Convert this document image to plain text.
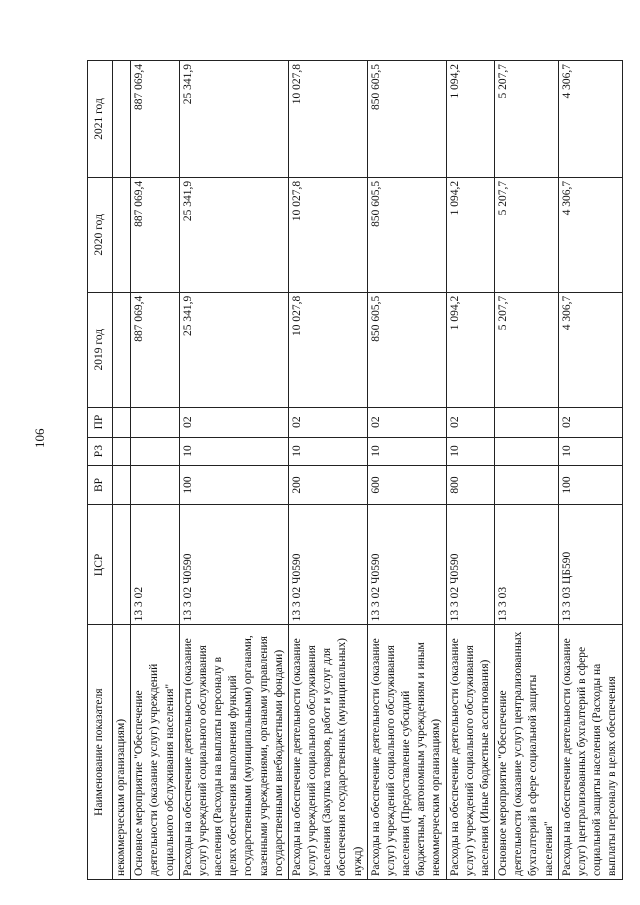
106
Наименование показателя	ЦСР	ВР	РЗ	ПР	2019 год	2020 год	2021 год
некоммерческим организациям)							
Основное мероприятие "Обеспечение деятельности (оказание услуг) учреждений социального обслуживания населения"	13 3 02				887 069,4	887 069,4	887 069,4
Расходы на обеспечение деятельности (оказание услуг) учреждений социального обслуживания населения (Расходы на выплаты персоналу в целях обеспечения выполнения функций государственными (муниципальными) органами, казенными учреждениями, органами управления государственными внебюджетными фондами)	13 3 02 Ч0590	100	10	02	25 341,9	25 341,9	25 341,9
Расходы на обеспечение деятельности (оказание услуг) учреждений социального обслуживания населения (Закупка товаров, работ и услуг для обеспечения государственных (муниципальных) нужд)	13 3 02 Ч0590	200	10	02	10 027,8	10 027,8	10 027,8
Расходы на обеспечение деятельности (оказание услуг) учреждений социального обслуживания населения (Предоставление субсидий бюджетным, автономным учреждениям и иным некоммерческим организациям)	13 3 02 Ч0590	600	10	02	850 605,5	850 605,5	850 605,5
Расходы на обеспечение деятельности (оказание услуг) учреждений социального обслуживания населения (Иные бюджетные ассигнования)	13 3 02 Ч0590	800	10	02	1 094,2	1 094,2	1 094,2
Основное мероприятие "Обеспечение деятельности (оказание услуг) централизованных бухгалтерий в сфере социальной защиты населения"	13 3 03				5 207,7	5 207,7	5 207,7
Расходы на обеспечение деятельности (оказание услуг) централизованных бухгалтерий в сфере социальной защиты населения (Расходы на выплаты персоналу в целях обеспечения	13 3 03 ЦБ590	100	10	02	4 306,7	4 306,7	4 306,7
